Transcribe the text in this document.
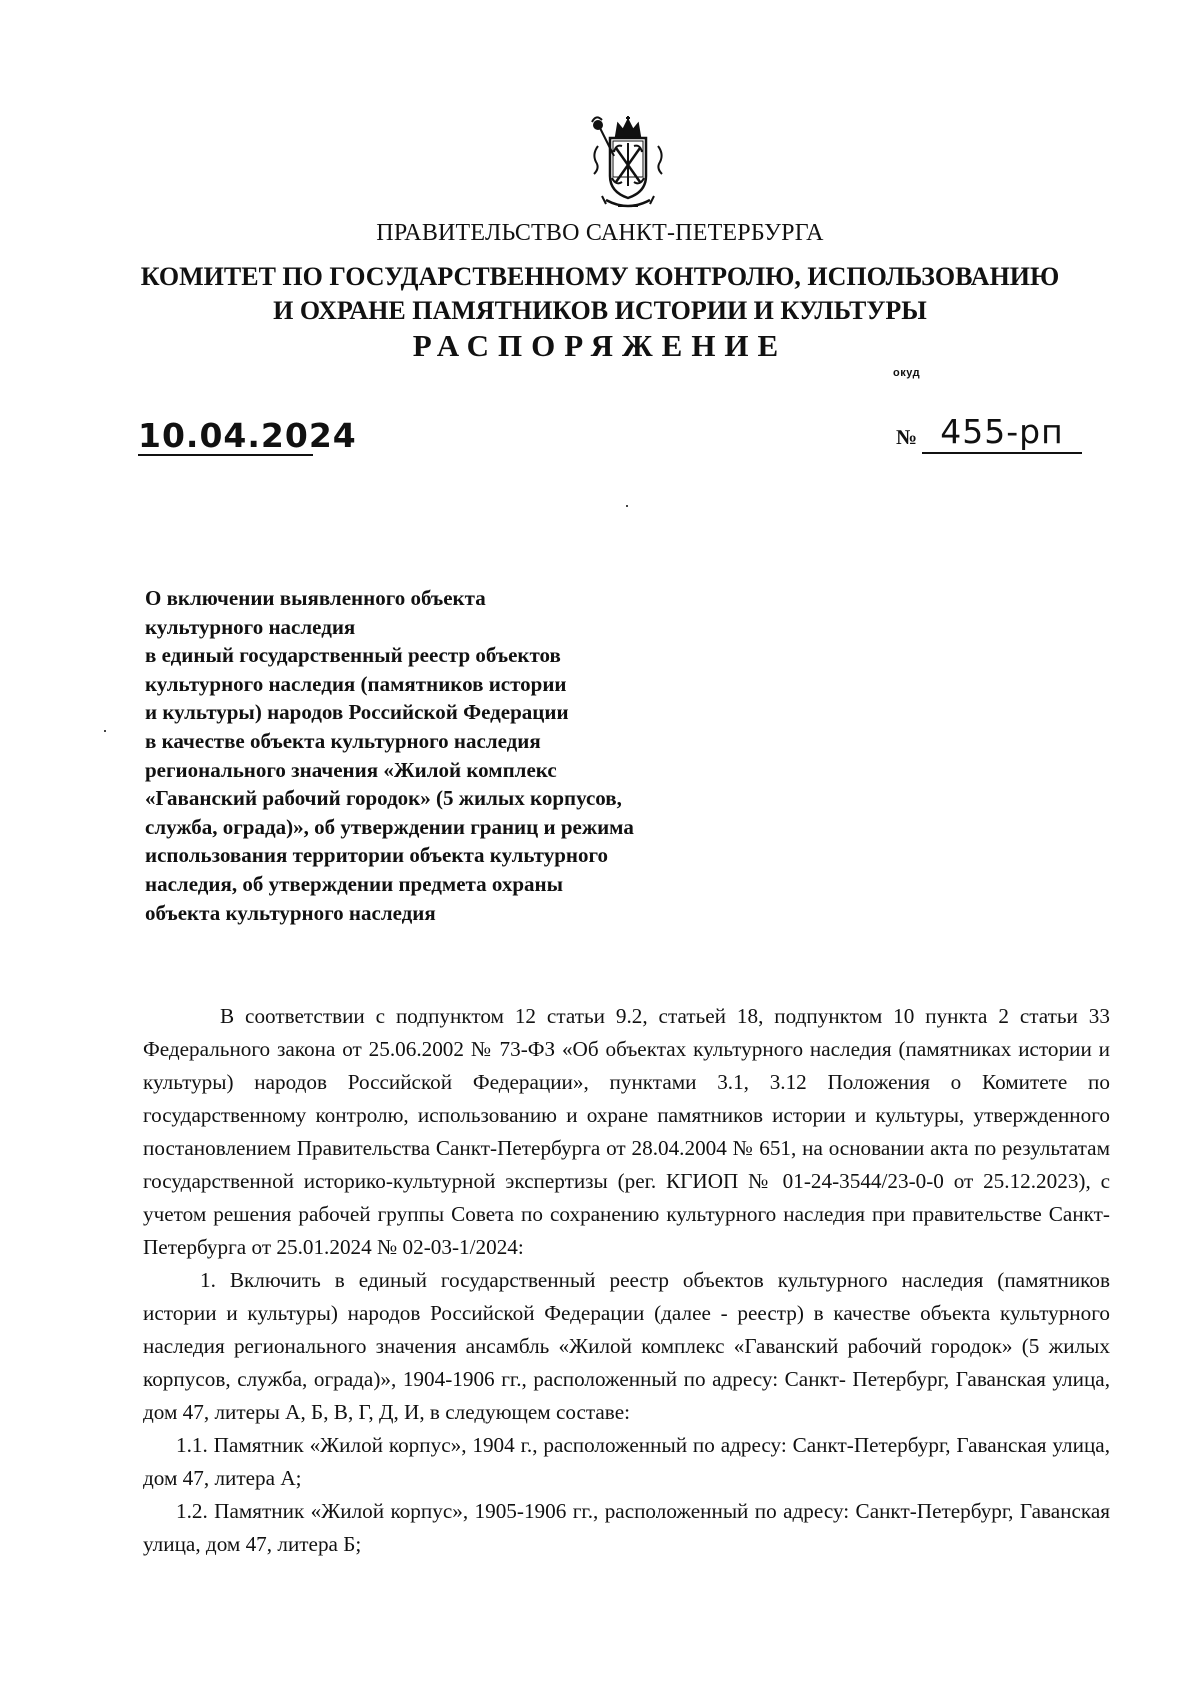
ПРАВИТЕЛЬСТВО САНКТ-ПЕТЕРБУРГА
КОМИТЕТ ПО ГОСУДАРСТВЕННОМУ КОНТРОЛЮ, ИСПОЛЬЗОВАНИЮ
И ОХРАНЕ ПАМЯТНИКОВ ИСТОРИИ И КУЛЬТУРЫ
РАСПОРЯЖЕНИЕ
окуд
10.04.2024	№ 455-рп
О включении выявленного объекта
культурного наследия
в единый государственный реестр объектов
культурного наследия (памятников истории
и культуры) народов Российской Федерации
в качестве объекта культурного наследия
регионального значения «Жилой комплекс
«Гаванский рабочий городок» (5 жилых корпусов,
служба, ограда)», об утверждении границ и режима
использования территории объекта культурного
наследия, об утверждении предмета охраны
объекта культурного наследия

В соответствии с подпунктом 12 статьи 9.2, статьей 18, подпунктом 10 пункта 2 статьи 33 Федерального закона от 25.06.2002 № 73-ФЗ «Об объектах культурного наследия (памятниках истории и культуры) народов Российской Федерации», пунктами 3.1, 3.12 Положения о Комитете по государственному контролю, использованию и охране памятников истории и культуры, утвержденного постановлением Правительства Санкт-Петербурга от 28.04.2004 № 651, на основании акта по результатам государственной историко-культурной экспертизы (рег. КГИОП № 01-24-3544/23-0-0 от 25.12.2023), с учетом решения рабочей группы Совета по сохранению культурного наследия при правительстве Санкт-Петербурга от 25.01.2024 № 02-03-1/2024:

1. Включить в единый государственный реестр объектов культурного наследия (памятников истории и культуры) народов Российской Федерации (далее - реестр) в качестве объекта культурного наследия регионального значения ансамбль «Жилой комплекс «Гаванский рабочий городок» (5 жилых корпусов, служба, ограда)», 1904-1906 гг., расположенный по адресу: Санкт- Петербург, Гаванская улица, дом 47, литеры А, Б, В, Г, Д, И, в следующем составе:

1.1. Памятник «Жилой корпус», 1904 г., расположенный по адресу: Санкт-Петербург, Гаванская улица, дом 47, литера А;

1.2. Памятник «Жилой корпус», 1905-1906 гг., расположенный по адресу: Санкт-Петербург, Гаванская улица, дом 47, литера Б;
